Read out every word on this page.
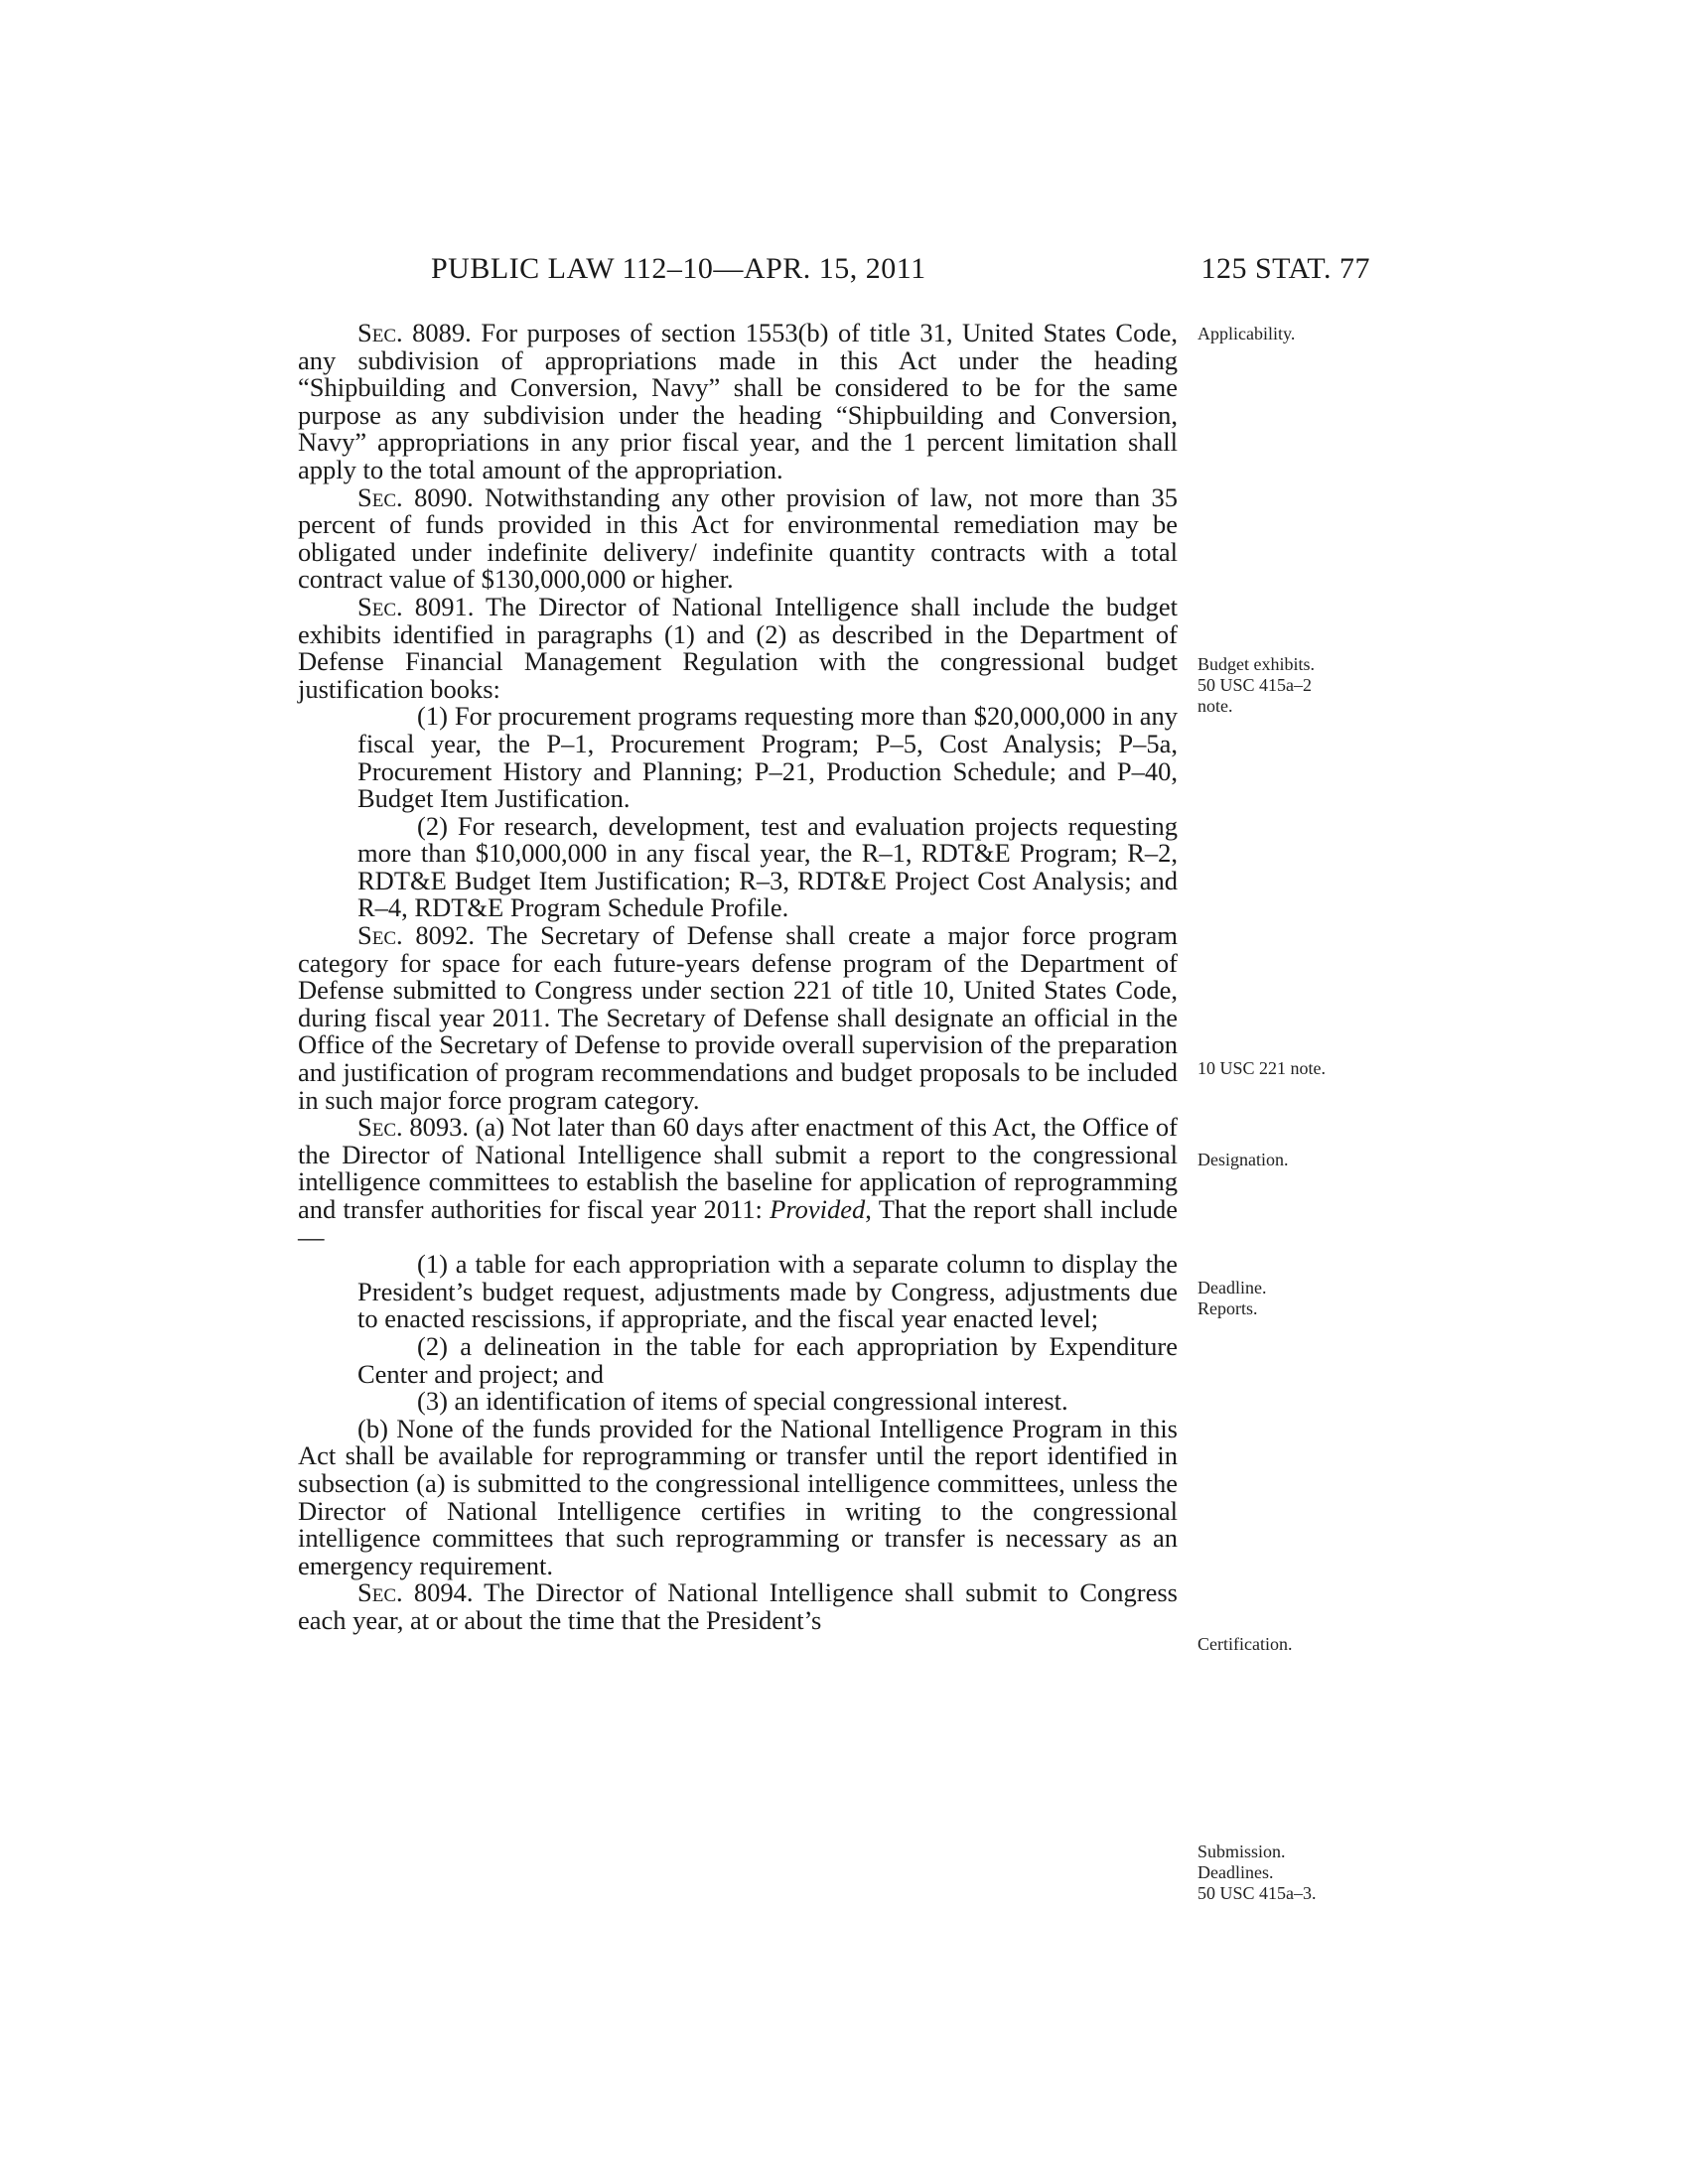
PUBLIC LAW 112–10—APR. 15, 2011	125 STAT. 77

Sec. 8089. For purposes of section 1553(b) of title 31, United States Code, any subdivision of appropriations made in this Act under the heading “Shipbuilding and Conversion, Navy” shall be considered to be for the same purpose as any subdivision under the heading “Shipbuilding and Conversion, Navy” appropriations in any prior fiscal year, and the 1 percent limitation shall apply to the total amount of the appropriation.

Sec. 8090. Notwithstanding any other provision of law, not more than 35 percent of funds provided in this Act for environmental remediation may be obligated under indefinite delivery/ indefinite quantity contracts with a total contract value of $130,000,000 or higher.

Sec. 8091. The Director of National Intelligence shall include the budget exhibits identified in paragraphs (1) and (2) as described in the Department of Defense Financial Management Regulation with the congressional budget justification books:

(1) For procurement programs requesting more than $20,000,000 in any fiscal year, the P–1, Procurement Program; P–5, Cost Analysis; P–5a, Procurement History and Planning; P–21, Production Schedule; and P–40, Budget Item Justification.

(2) For research, development, test and evaluation projects requesting more than $10,000,000 in any fiscal year, the R–1, RDT&E Program; R–2, RDT&E Budget Item Justification; R–3, RDT&E Project Cost Analysis; and R–4, RDT&E Program Schedule Profile.

Sec. 8092. The Secretary of Defense shall create a major force program category for space for each future-years defense program of the Department of Defense submitted to Congress under section 221 of title 10, United States Code, during fiscal year 2011. The Secretary of Defense shall designate an official in the Office of the Secretary of Defense to provide overall supervision of the preparation and justification of program recommendations and budget proposals to be included in such major force program category.

Sec. 8093. (a) Not later than 60 days after enactment of this Act, the Office of the Director of National Intelligence shall submit a report to the congressional intelligence committees to establish the baseline for application of reprogramming and transfer authorities for fiscal year 2011: Provided, That the report shall include—

(1) a table for each appropriation with a separate column to display the President’s budget request, adjustments made by Congress, adjustments due to enacted rescissions, if appropriate, and the fiscal year enacted level;

(2) a delineation in the table for each appropriation by Expenditure Center and project; and

(3) an identification of items of special congressional interest.

(b) None of the funds provided for the National Intelligence Program in this Act shall be available for reprogramming or transfer until the report identified in subsection (a) is submitted to the congressional intelligence committees, unless the Director of National Intelligence certifies in writing to the congressional intelligence committees that such reprogramming or transfer is necessary as an emergency requirement.

Sec. 8094. The Director of National Intelligence shall submit to Congress each year, at or about the time that the President’s

Applicability.
Budget exhibits.
50 USC 415a–2
note.
10 USC 221 note.
Designation.
Deadline.
Reports.
Certification.
Submission.
Deadlines.
50 USC 415a–3.
